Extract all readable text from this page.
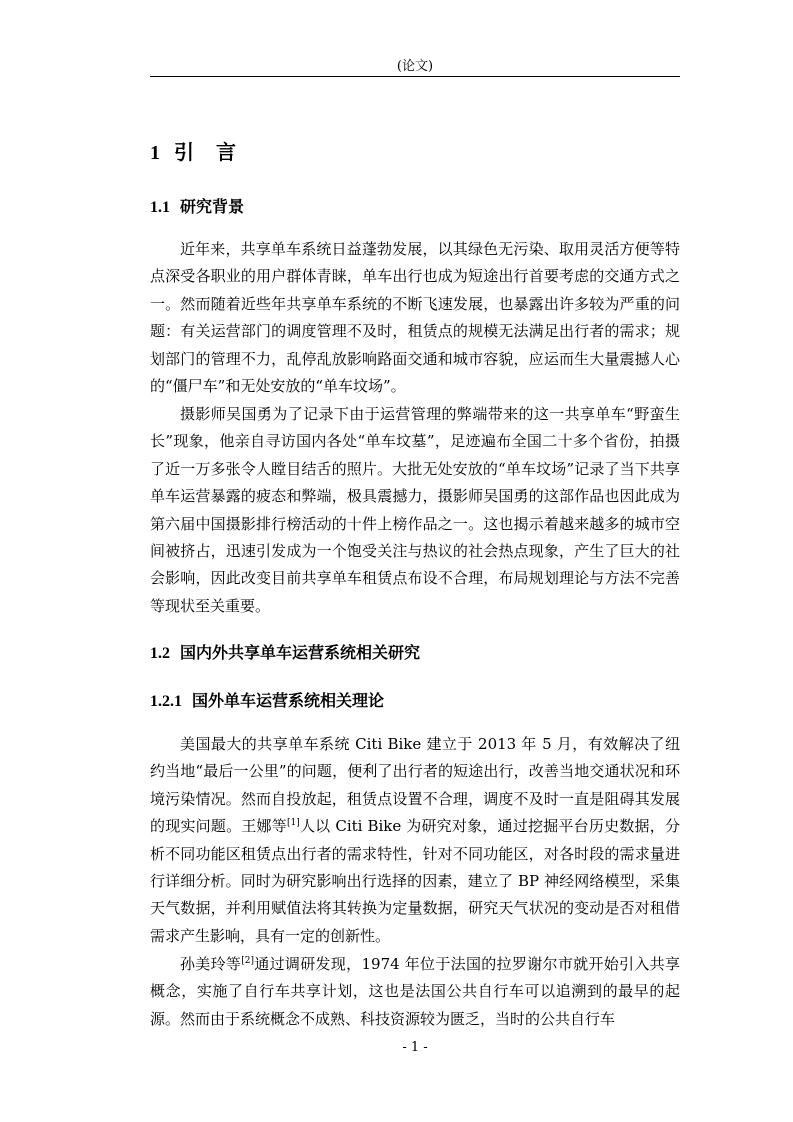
(论文)
1 引言
1.1 研究背景

近年来，共享单车系统日益蓬勃发展，以其绿色无污染、取用灵活方便等特点深受各职业的用户群体青睐，单车出行也成为短途出行首要考虑的交通方式之一。然而随着近些年共享单车系统的不断飞速发展，也暴露出许多较为严重的问题：有关运营部门的调度管理不及时，租赁点的规模无法满足出行者的需求；规划部门的管理不力，乱停乱放影响路面交通和城市容貌，应运而生大量震撼人心的“僵尸车”和无处安放的“单车坟场”。

摄影师吴国勇为了记录下由于运营管理的弊端带来的这一共享单车“野蛮生长”现象，他亲自寻访国内各处“单车坟墓”，足迹遍布全国二十多个省份，拍摄了近一万多张令人瞠目结舌的照片。大批无处安放的“单车坟场”记录了当下共享单车运营暴露的疲态和弊端，极具震撼力，摄影师吴国勇的这部作品也因此成为第六届中国摄影排行榜活动的十件上榜作品之一。这也揭示着越来越多的城市空间被挤占，迅速引发成为一个饱受关注与热议的社会热点现象，产生了巨大的社会影响，因此改变目前共享单车租赁点布设不合理，布局规划理论与方法不完善等现状至关重要。

1.2 国内外共享单车运营系统相关研究
1.2.1 国外单车运营系统相关理论

美国最大的共享单车系统 Citi Bike 建立于 2013 年 5 月，有效解决了纽约当地“最后一公里”的问题，便利了出行者的短途出行，改善当地交通状况和环境污染情况。然而自投放起，租赁点设置不合理，调度不及时一直是阻碍其发展的现实问题。王娜等[1]人以 Citi Bike 为研究对象，通过挖掘平台历史数据，分析不同功能区租赁点出行者的需求特性，针对不同功能区，对各时段的需求量进行详细分析。同时为研究影响出行选择的因素，建立了 BP 神经网络模型，采集天气数据，并利用赋值法将其转换为定量数据，研究天气状况的变动是否对租借需求产生影响，具有一定的创新性。

孙美玲等[2]通过调研发现，1974 年位于法国的拉罗谢尔市就开始引入共享概念，实施了自行车共享计划，这也是法国公共自行车可以追溯到的最早的起源。然而由于系统概念不成熟、科技资源较为匮乏，当时的公共自行车

- 1 -
